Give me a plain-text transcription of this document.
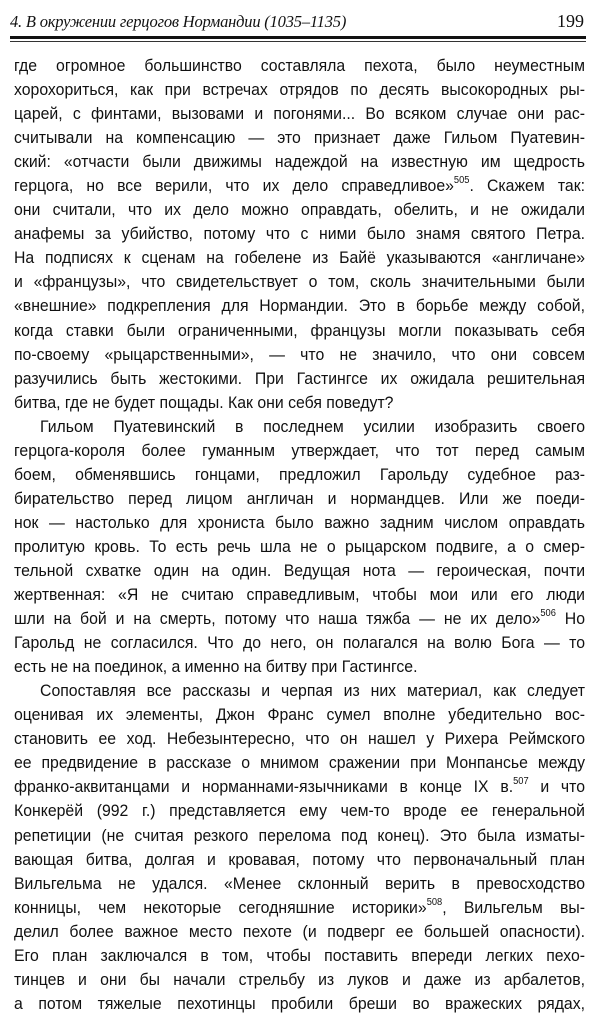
4. В окружении герцогов Нормандии (1035–1135)	199
где огромное большинство составляла пехота, было неуместным
хорохориться, как при встречах отрядов по десять высокородных ры-
царей, с финтами, вызовами и погонями... Во всяком случае они рас-
считывали на компенсацию — это признает даже Гильом Пуатевин-
ский: «отчасти были движимы надеждой на известную им щедрость
герцога, но все верили, что их дело справедливое»$^{505}$. Скажем так:
они считали, что их дело можно оправдать, обелить, и не ожидали
анафемы за убийство, потому что с ними было знамя святого Петра.
На подписях к сценам на гобелене из Байё указываются «англичане»
и «французы», что свидетельствует о том, сколь значительными были
«внешние» подкрепления для Нормандии. Это в борьбе между собой,
когда ставки были ограниченными, французы могли показывать себя
по-своему «рыцарственными», — что не значило, что они совсем
разучились быть жестокими. При Гастингсе их ожидала решительная
битва, где не будет пощады. Как они себя поведут?
Гильом Пуатевинский в последнем усилии изобразить своего
герцога-короля более гуманным утверждает, что тот перед самым
боем, обменявшись гонцами, предложил Гарольду судебное раз-
бирательство перед лицом англичан и нормандцев. Или же поеди-
нок — настолько для хрониста было важно задним числом оправдать
пролитую кровь. То есть речь шла не о рыцарском подвиге, а о смер-
тельной схватке один на один. Ведущая нота — героическая, почти
жертвенная: «Я не считаю справедливым, чтобы мои или его люди
шли на бой и на смерть, потому что наша тяжба — не их дело»$^{506}$ Но
Гарольд не согласился. Что до него, он полагался на волю Бога — то
есть не на поединок, а именно на битву при Гастингсе.
Сопоставляя все рассказы и черпая из них материал, как следует
оценивая их элементы, Джон Франс сумел вполне убедительно вос-
становить ее ход. Небезынтересно, что он нашел у Рихера Реймского
ее предвидение в рассказе о мнимом сражении при Монпансье между
франко-аквитанцами и норманнами-язычниками в конце IX в.$^{507}$ и что
Конкерёй (992 г.) представляется ему чем-то вроде ее генеральной
репетиции (не считая резкого перелома под конец). Это была изматы-
вающая битва, долгая и кровавая, потому что первоначальный план
Вильгельма не удался. «Менее склонный верить в превосходство
конницы, чем некоторые сегодняшние историки»$^{508}$, Вильгельм вы-
делил более важное место пехоте (и подверг ее большей опасности).
Его план заключался в том, чтобы поставить впереди легких пехо-
тинцев и они бы начали стрельбу из луков и даже из арбалетов,
а потом тяжелые пехотинцы пробили бреши во вражеских рядах,
